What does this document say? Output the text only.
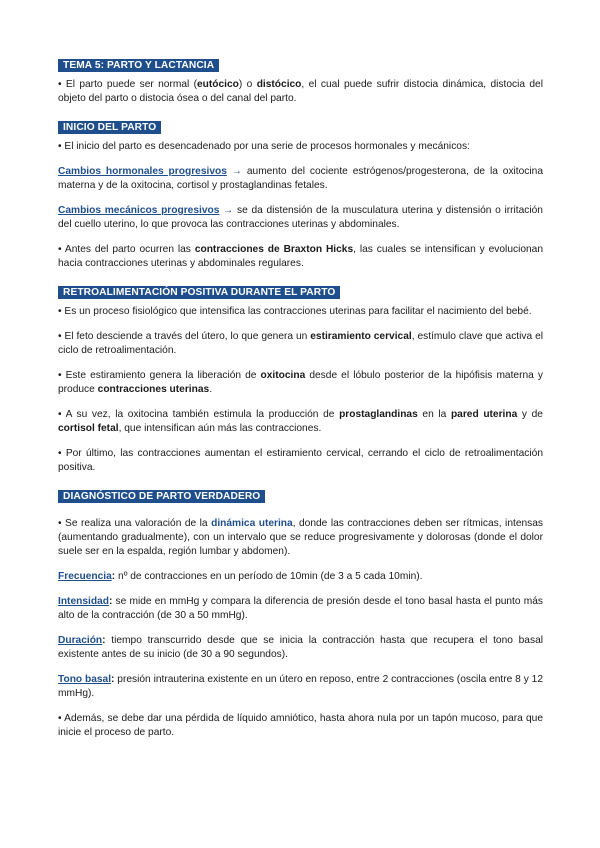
TEMA 5: PARTO Y LACTANCIA

• El parto puede ser normal (eutócico) o distócico, el cual puede sufrir distocia dinámica, distocia del objeto del parto o distocia ósea o del canal del parto.

INICIO DEL PARTO

• El inicio del parto es desencadenado por una serie de procesos hormonales y mecánicos:

Cambios hormonales progresivos → aumento del cociente estrógenos/progesterona, de la oxitocina materna y de la oxitocina, cortisol y prostaglandinas fetales.

Cambios mecánicos progresivos → se da distensión de la musculatura uterina y distensión o irritación del cuello uterino, lo que provoca las contracciones uterinas y abdominales.

• Antes del parto ocurren las contracciones de Braxton Hicks, las cuales se intensifican y evolucionan hacia contracciones uterinas y abdominales regulares.

RETROALIMENTACIÓN POSITIVA DURANTE EL PARTO

• Es un proceso fisiológico que intensifica las contracciones uterinas para facilitar el nacimiento del bebé.

• El feto desciende a través del útero, lo que genera un estiramiento cervical, estímulo clave que activa el ciclo de retroalimentación.

• Este estiramiento genera la liberación de oxitocina desde el lóbulo posterior de la hipófisis materna y produce contracciones uterinas.

• A su vez, la oxitocina también estimula la producción de prostaglandinas en la pared uterina y de cortisol fetal, que intensifican aún más las contracciones.

• Por último, las contracciones aumentan el estiramiento cervical, cerrando el ciclo de retroalimentación positiva.

DIAGNÓSTICO DE PARTO VERDADERO

• Se realiza una valoración de la dinámica uterina, donde las contracciones deben ser rítmicas, intensas (aumentando gradualmente), con un intervalo que se reduce progresivamente y dolorosas (donde el dolor suele ser en la espalda, región lumbar y abdomen).

Frecuencia: nº de contracciones en un período de 10min (de 3 a 5 cada 10min).

Intensidad: se mide en mmHg y compara la diferencia de presión desde el tono basal hasta el punto más alto de la contracción (de 30 a 50 mmHg).

Duración: tiempo transcurrido desde que se inicia la contracción hasta que recupera el tono basal existente antes de su inicio (de 30 a 90 segundos).

Tono basal: presión intrauterina existente en un útero en reposo, entre 2 contracciones (oscila entre 8 y 12 mmHg).

• Además, se debe dar una pérdida de líquido amniótico, hasta ahora nula por un tapón mucoso, para que inicie el proceso de parto.
